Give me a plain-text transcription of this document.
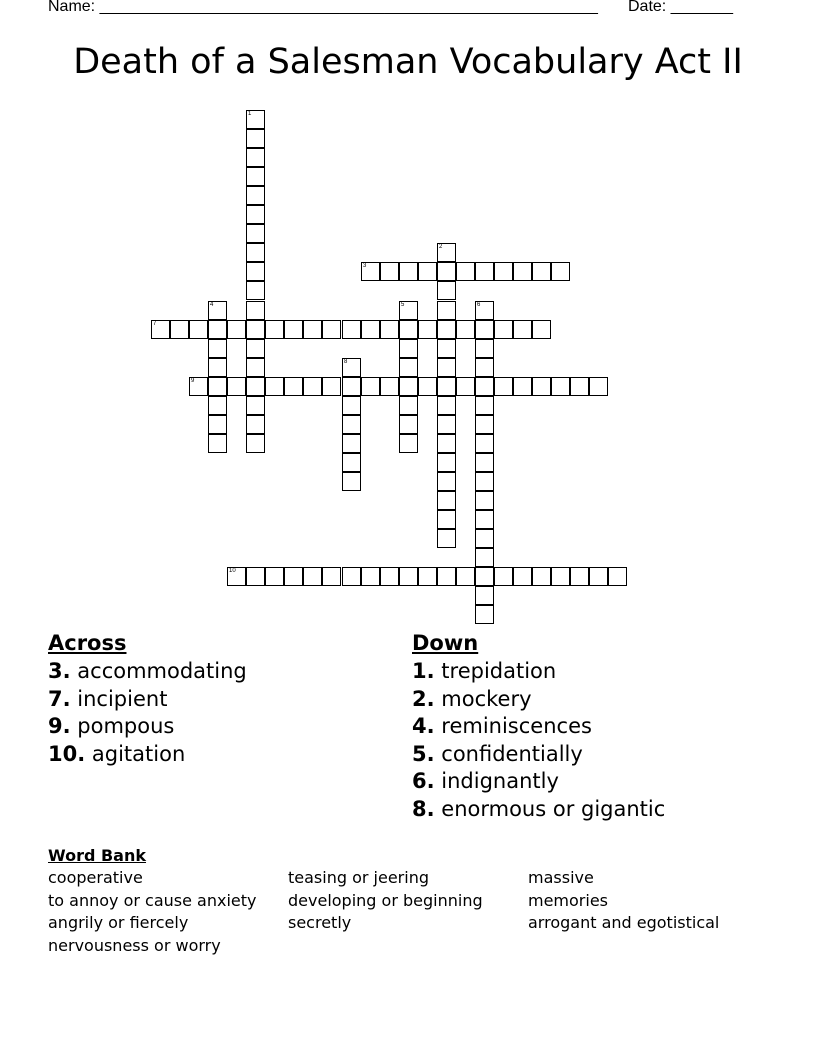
Name: ________________________________________________________ Date: _______
Death of a Salesman Vocabulary Act II
1
2
3
4	5	6
7
8
9
10
Across
3. accommodating
7. incipient
9. pompous
10. agitation
Down
1. trepidation
2. mockery
4. reminiscences
5. confidentially
6. indignantly
8. enormous or gigantic
Word Bank
cooperative
to annoy or cause anxiety
angrily or fiercely
nervousness or worry
teasing or jeering
developing or beginning
secretly
massive
memories
arrogant and egotistical
